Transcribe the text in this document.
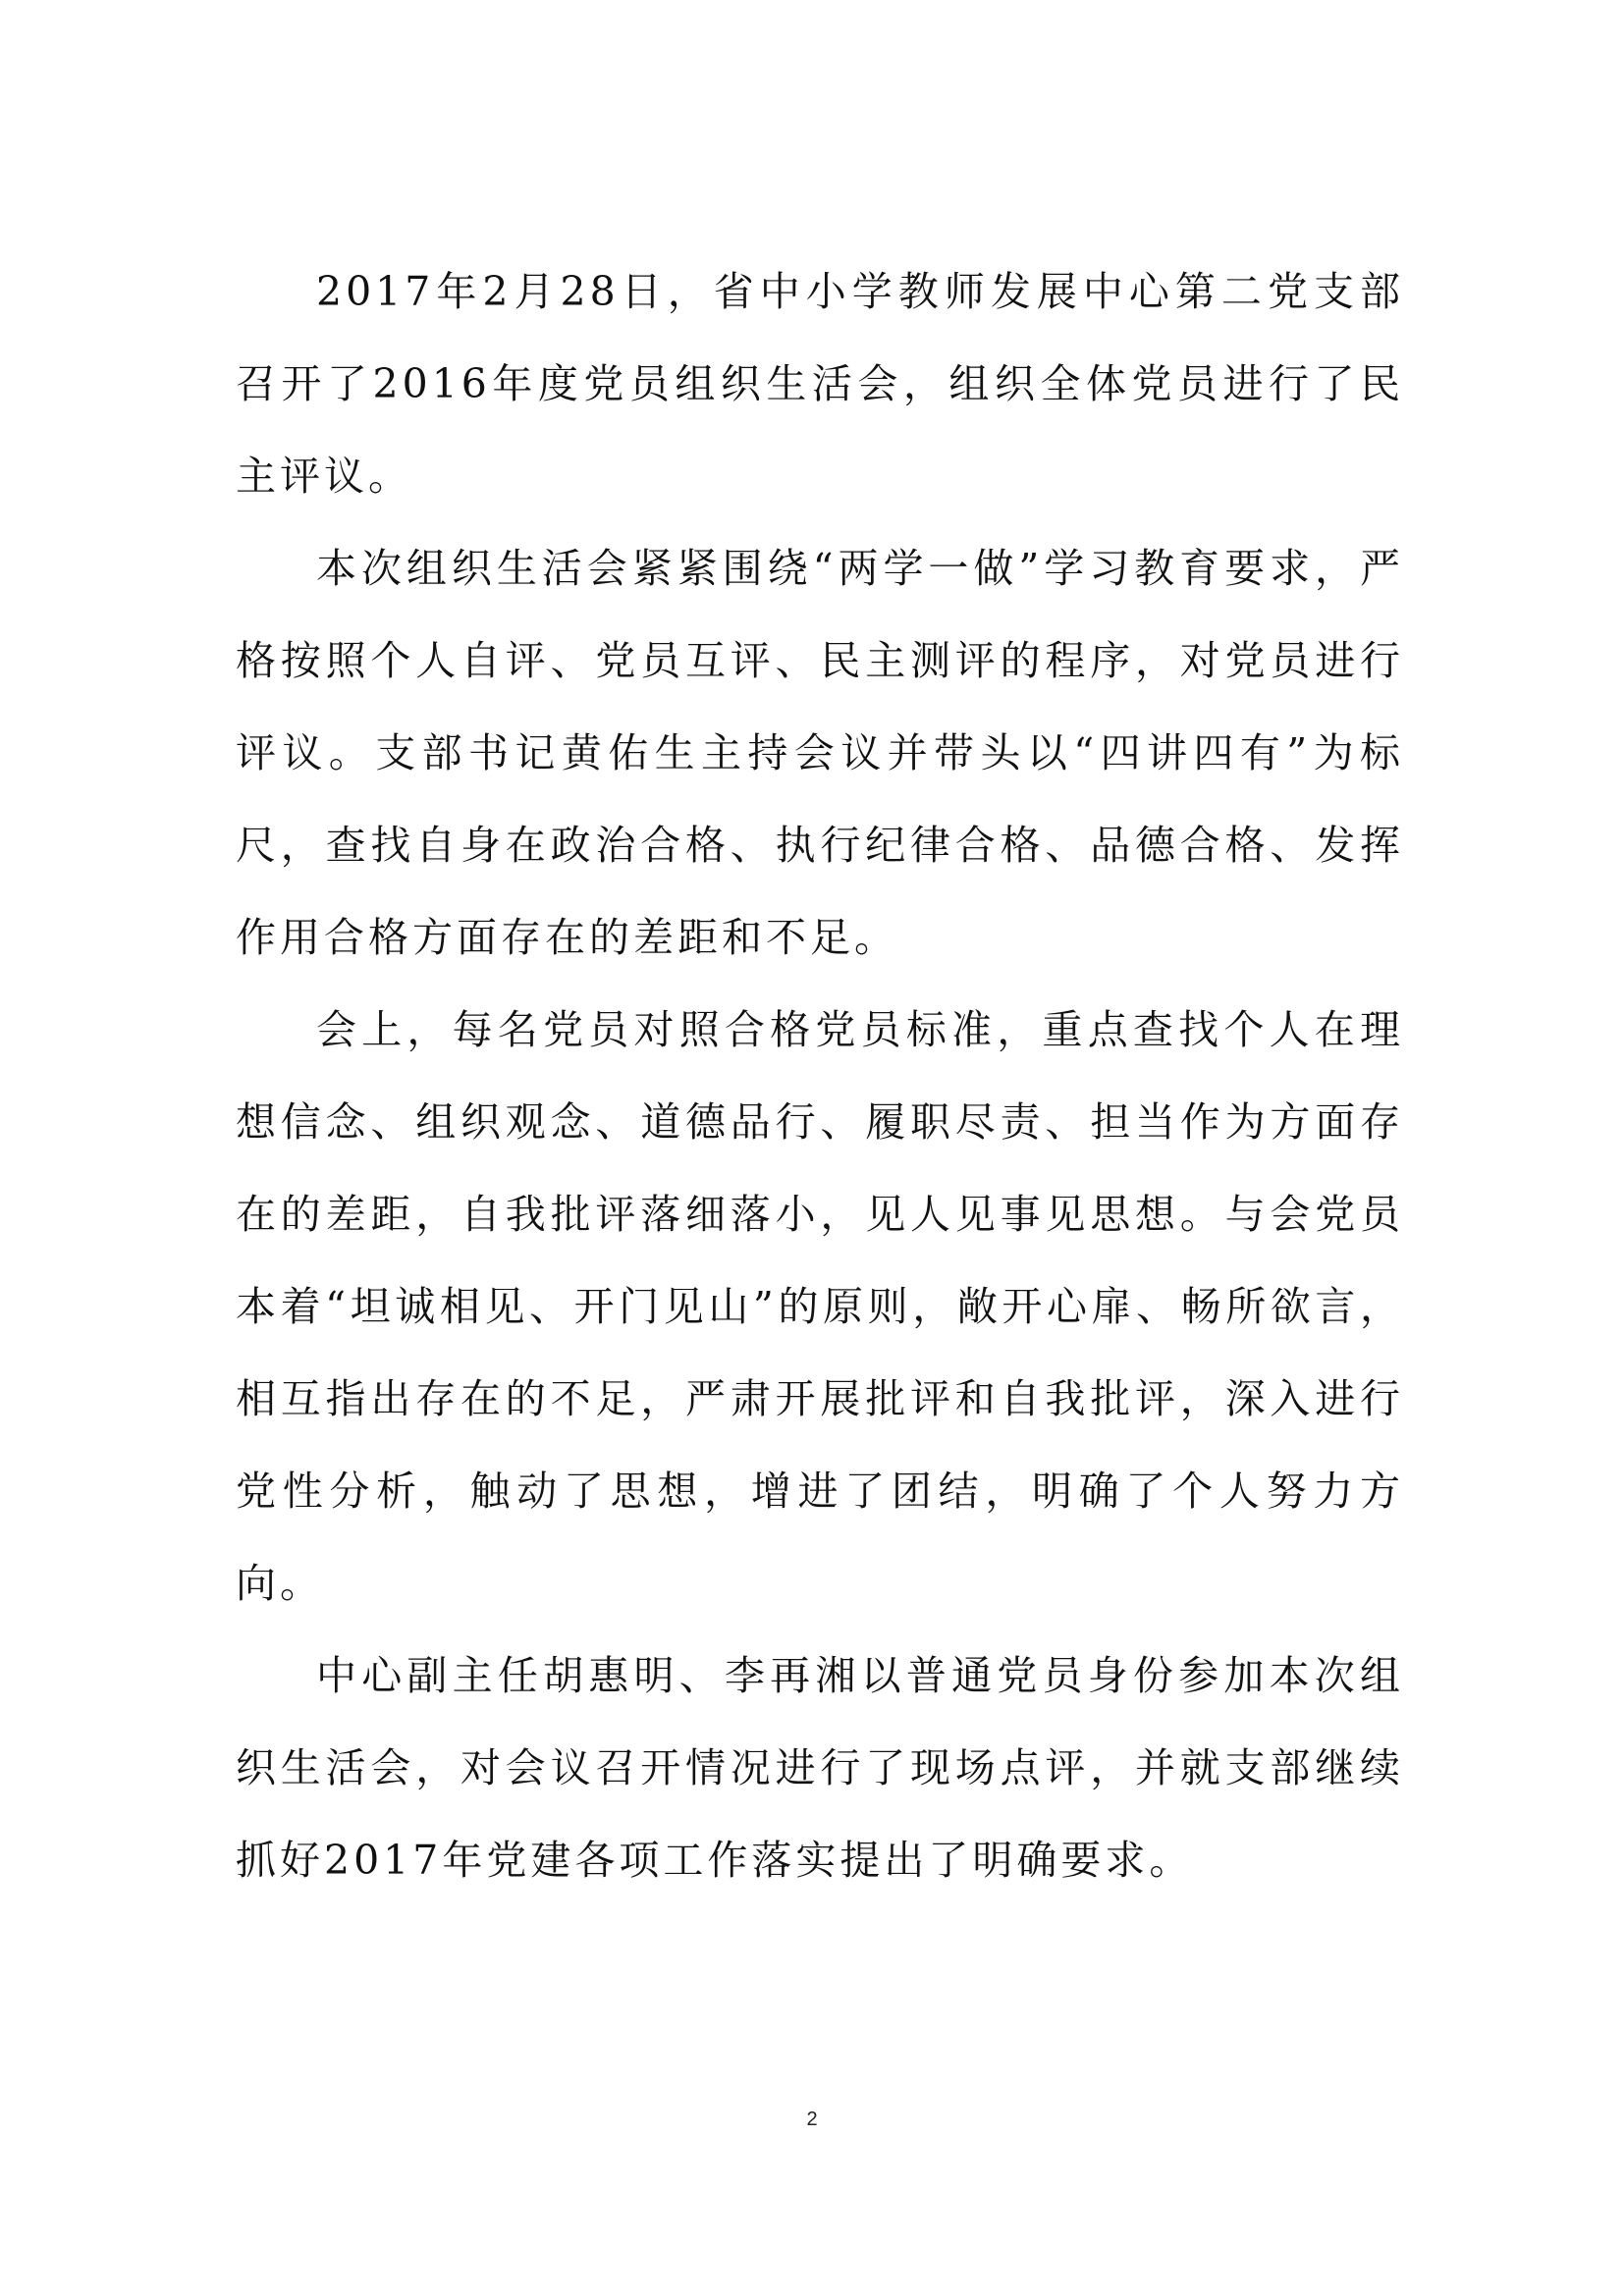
2017年2月28日，省中小学教师发展中心第二党支部召开了2016年度党员组织生活会，组织全体党员进行了民主评议。

本次组织生活会紧紧围绕“两学一做”学习教育要求，严格按照个人自评、党员互评、民主测评的程序，对党员进行评议。支部书记黄佑生主持会议并带头以“四讲四有”为标尺，查找自身在政治合格、执行纪律合格、品德合格、发挥作用合格方面存在的差距和不足。

会上，每名党员对照合格党员标准，重点查找个人在理想信念、组织观念、道德品行、履职尽责、担当作为方面存在的差距，自我批评落细落小，见人见事见思想。与会党员本着“坦诚相见、开门见山”的原则，敞开心扉、畅所欲言，相互指出存在的不足，严肃开展批评和自我批评，深入进行党性分析，触动了思想，增进了团结，明确了个人努力方向。

中心副主任胡惠明、李再湘以普通党员身份参加本次组织生活会，对会议召开情况进行了现场点评，并就支部继续抓好2017年党建各项工作落实提出了明确要求。

2
